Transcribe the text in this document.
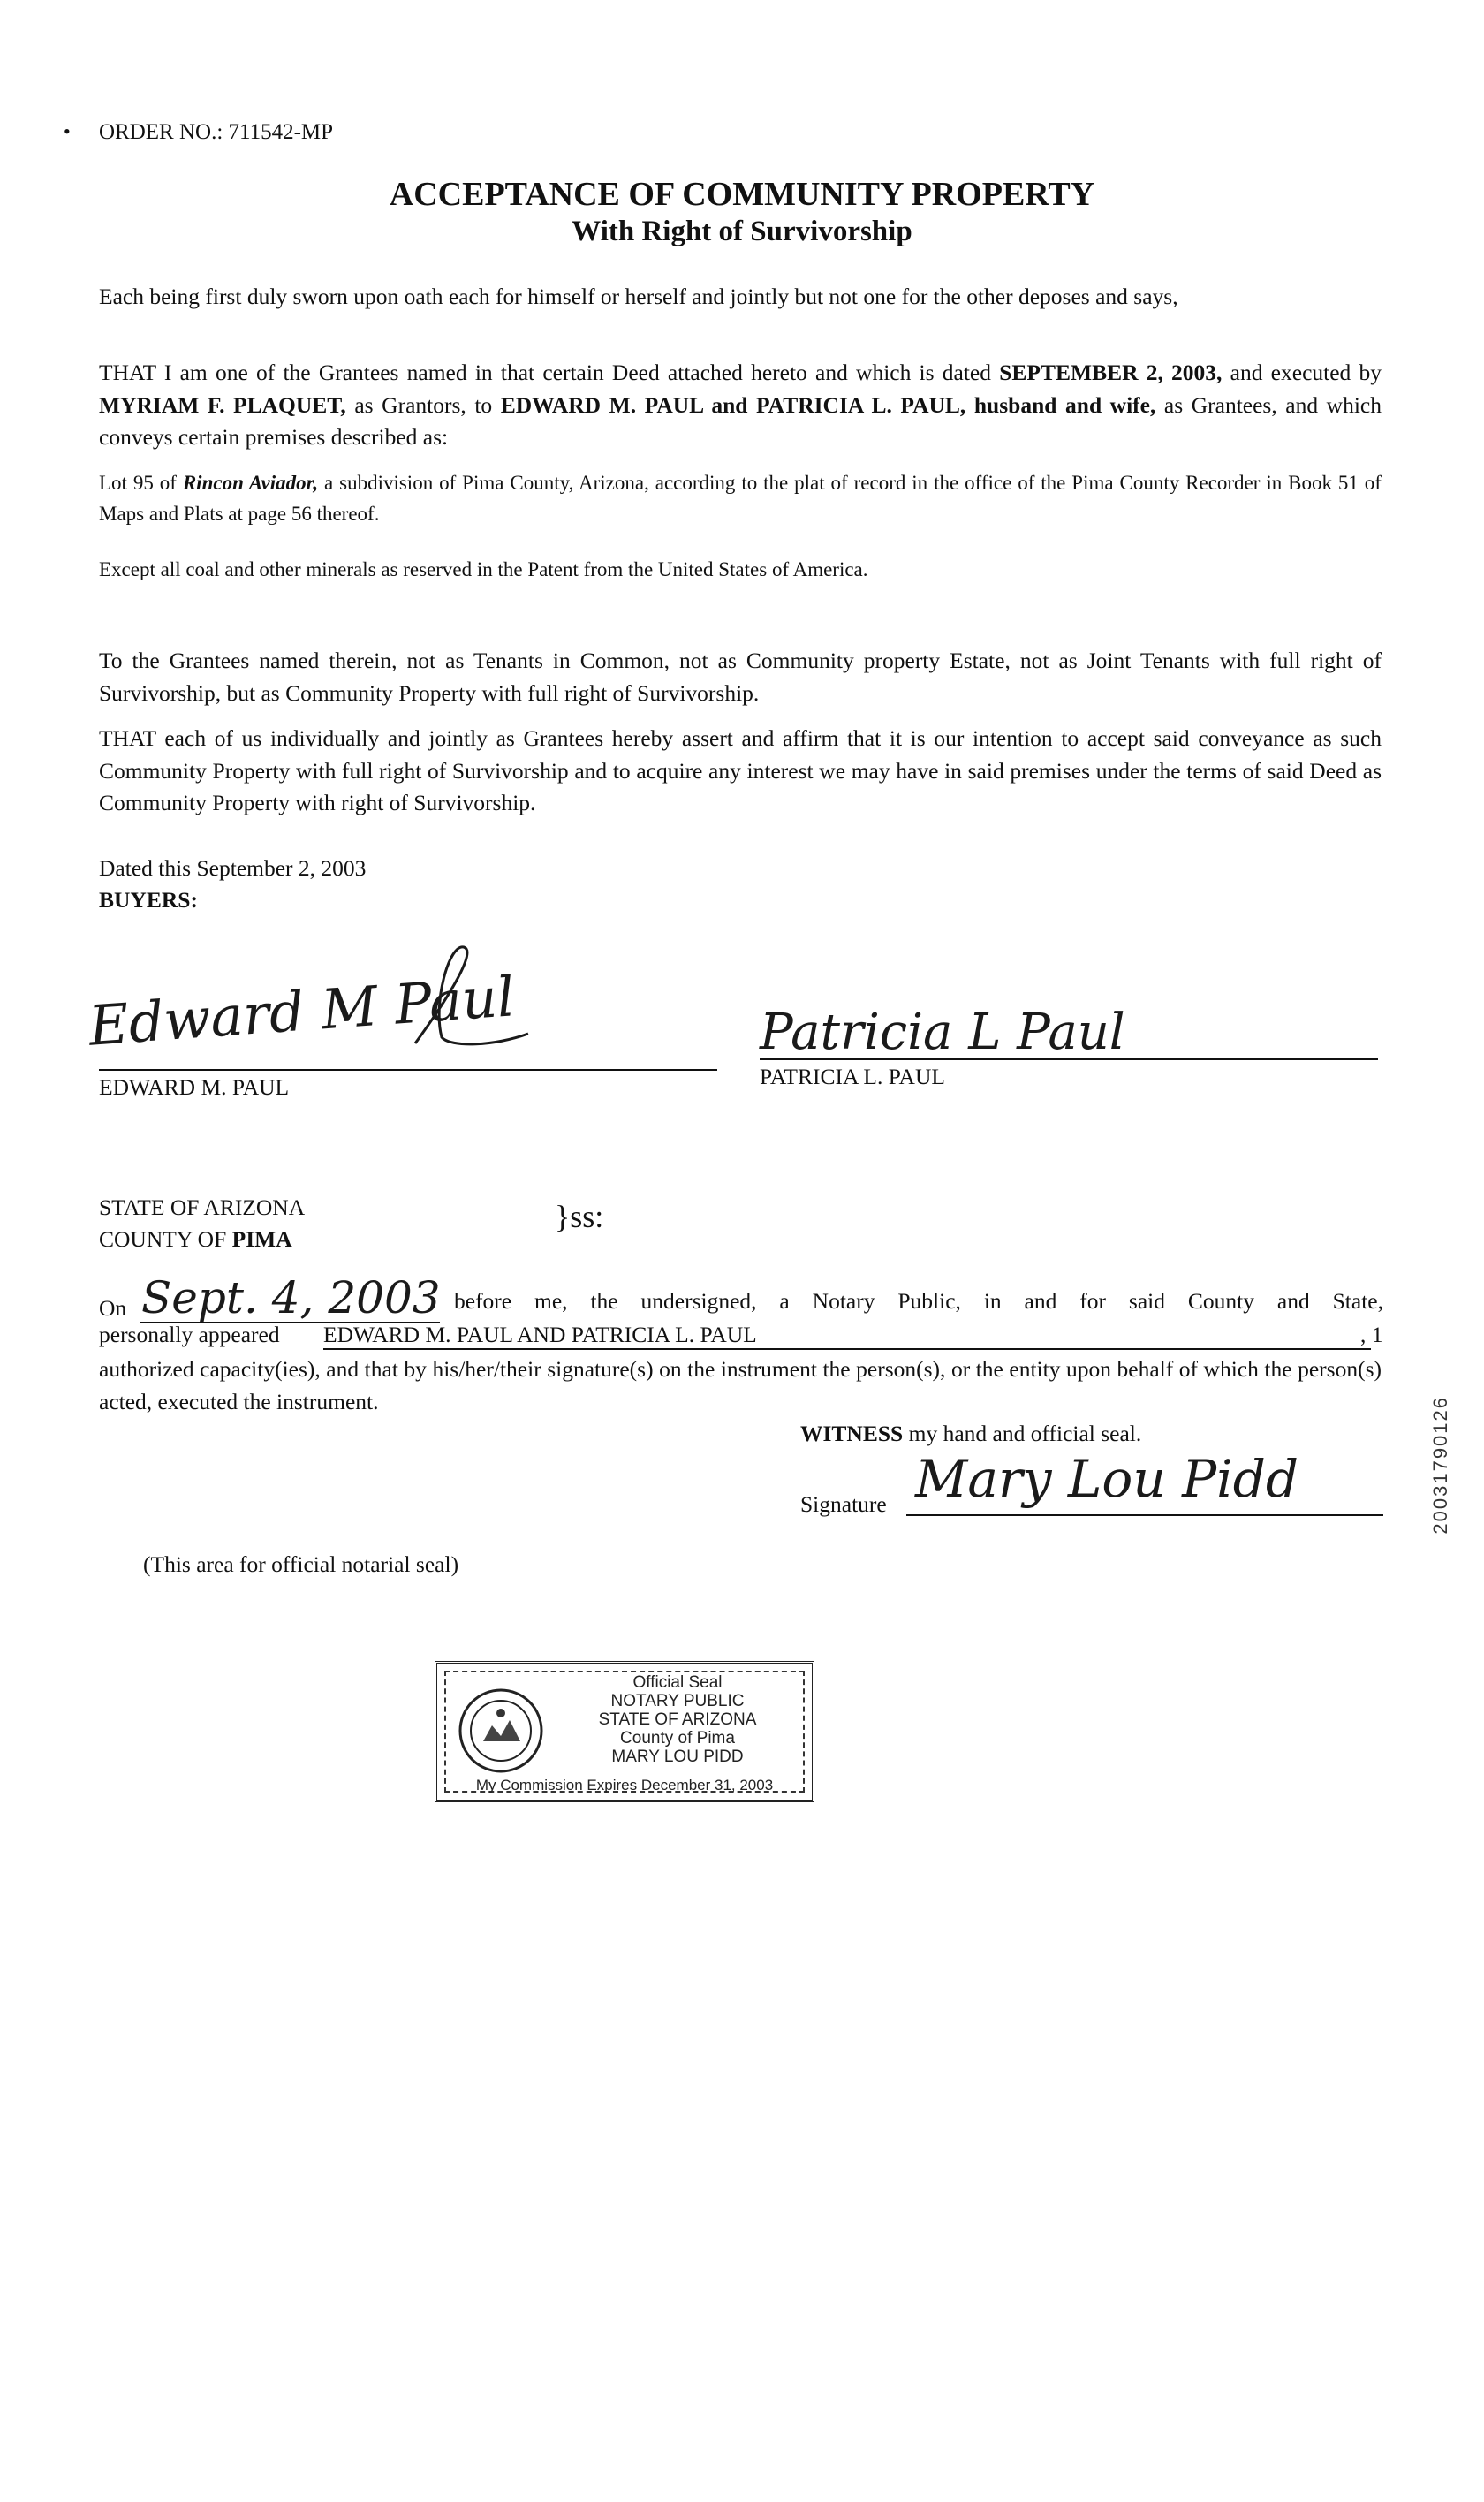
• ORDER NO.: 711542-MP
ACCEPTANCE OF COMMUNITY PROPERTY
With Right of Survivorship
Each being first duly sworn upon oath each for himself or herself and jointly but not one for the other deposes and says,
THAT I am one of the Grantees named in that certain Deed attached hereto and which is dated SEPTEMBER 2, 2003, and executed by MYRIAM F. PLAQUET, as Grantors, to EDWARD M. PAUL and PATRICIA L. PAUL, husband and wife, as Grantees, and which conveys certain premises described as:
Lot 95 of Rincon Aviador, a subdivision of Pima County, Arizona, according to the plat of record in the office of the Pima County Recorder in Book 51 of Maps and Plats at page 56 thereof.
Except all coal and other minerals as reserved in the Patent from the United States of America.
To the Grantees named therein, not as Tenants in Common, not as Community property Estate, not as Joint Tenants with full right of Survivorship, but as Community Property with full right of Survivorship.
THAT each of us individually and jointly as Grantees hereby assert and affirm that it is our intention to accept said conveyance as such Community Property with full right of Survivorship and to acquire any interest we may have in said premises under the terms of said Deed as Community Property with right of Survivorship.
Dated this September 2, 2003
BUYERS:
Edward M Paul
EDWARD M. PAUL
Patricia L Paul
PATRICIA L. PAUL
STATE OF ARIZONA
COUNTY OF PIMA
}ss:
On Sept. 4, 2003 before me, the undersigned, a Notary Public, in and for said County and State,
personally appeared EDWARD M. PAUL AND PATRICIA L. PAUL	, 1
authorized capacity(ies), and that by his/her/their signature(s) on the instrument the person(s), or the entity upon behalf of which the person(s) acted, executed the instrument.
WITNESS my hand and official seal.
Signature Mary Lou Pidd
(This area for official notarial seal)
Official Seal
NOTARY PUBLIC
STATE OF ARIZONA
County of Pima
MARY LOU PIDD
My Commission Expires December 31, 2003
20031790126
